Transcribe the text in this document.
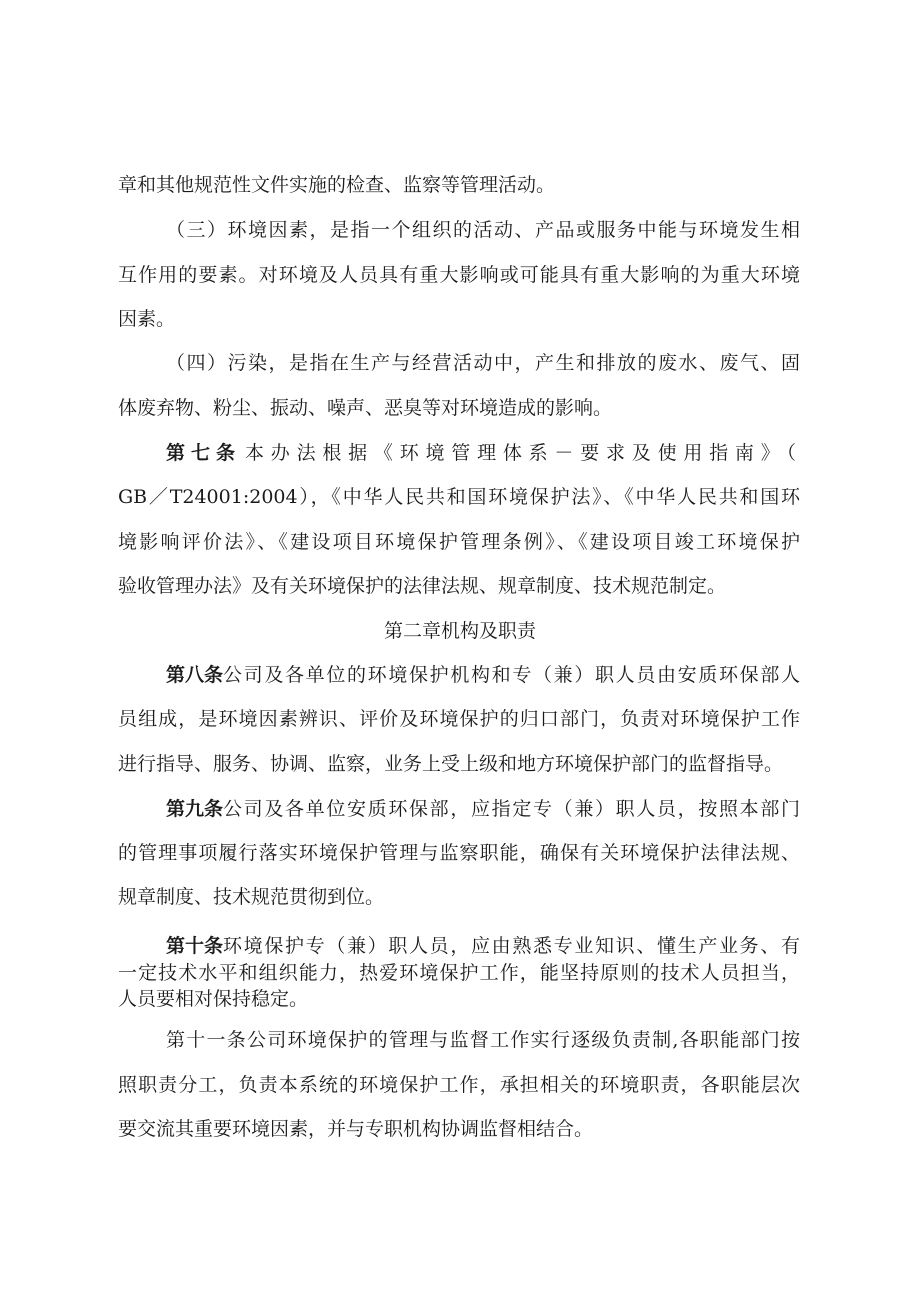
章和其他规范性文件实施的检查、监察等管理活动。

（三）环境因素，是指一个组织的活动、产品或服务中能与环境发生相

互作用的要素。对环境及人员具有重大影响或可能具有重大影响的为重大环境

因素。

（四）污染，是指在生产与经营活动中，产生和排放的废水、废气、固

体废弃物、粉尘、振动、噪声、恶臭等对环境造成的影响。

第七条 本办法根据《环境管理体系－要求及使用指南》（

GB／T24001:2004），《中华人民共和国环境保护法》、《中华人民共和国环

境影响评价法》、《建设项目环境保护管理条例》、《建设项目竣工环境保护

验收管理办法》及有关环境保护的法律法规、规章制度、技术规范制定。

第二章机构及职责

第八条 公司及各单位的环境保护机构和专（兼）职人员由安质环保部人

员组成，是环境因素辨识、评价及环境保护的归口部门，负责对环境保护工作

进行指导、服务、协调、监察，业务上受上级和地方环境保护部门的监督指导。

第九条 公司及各单位安质环保部，应指定专（兼）职人员，按照本部门

的管理事项履行落实环境保护管理与监察职能，确保有关环境保护法律法规、

规章制度、技术规范贯彻到位。

第十条 环境保护专（兼）职人员，应由熟悉专业知识、懂生产业务、有

一定技术水平和组织能力，热爱环境保护工作，能坚持原则的技术人员担当，

人员要相对保持稳定。

第十一条公司环境保护的管理与监督工作实行逐级负责制,各职能部门按

照职责分工，负责本系统的环境保护工作，承担相关的环境职责，各职能层次

要交流其重要环境因素，并与专职机构协调监督相结合。
